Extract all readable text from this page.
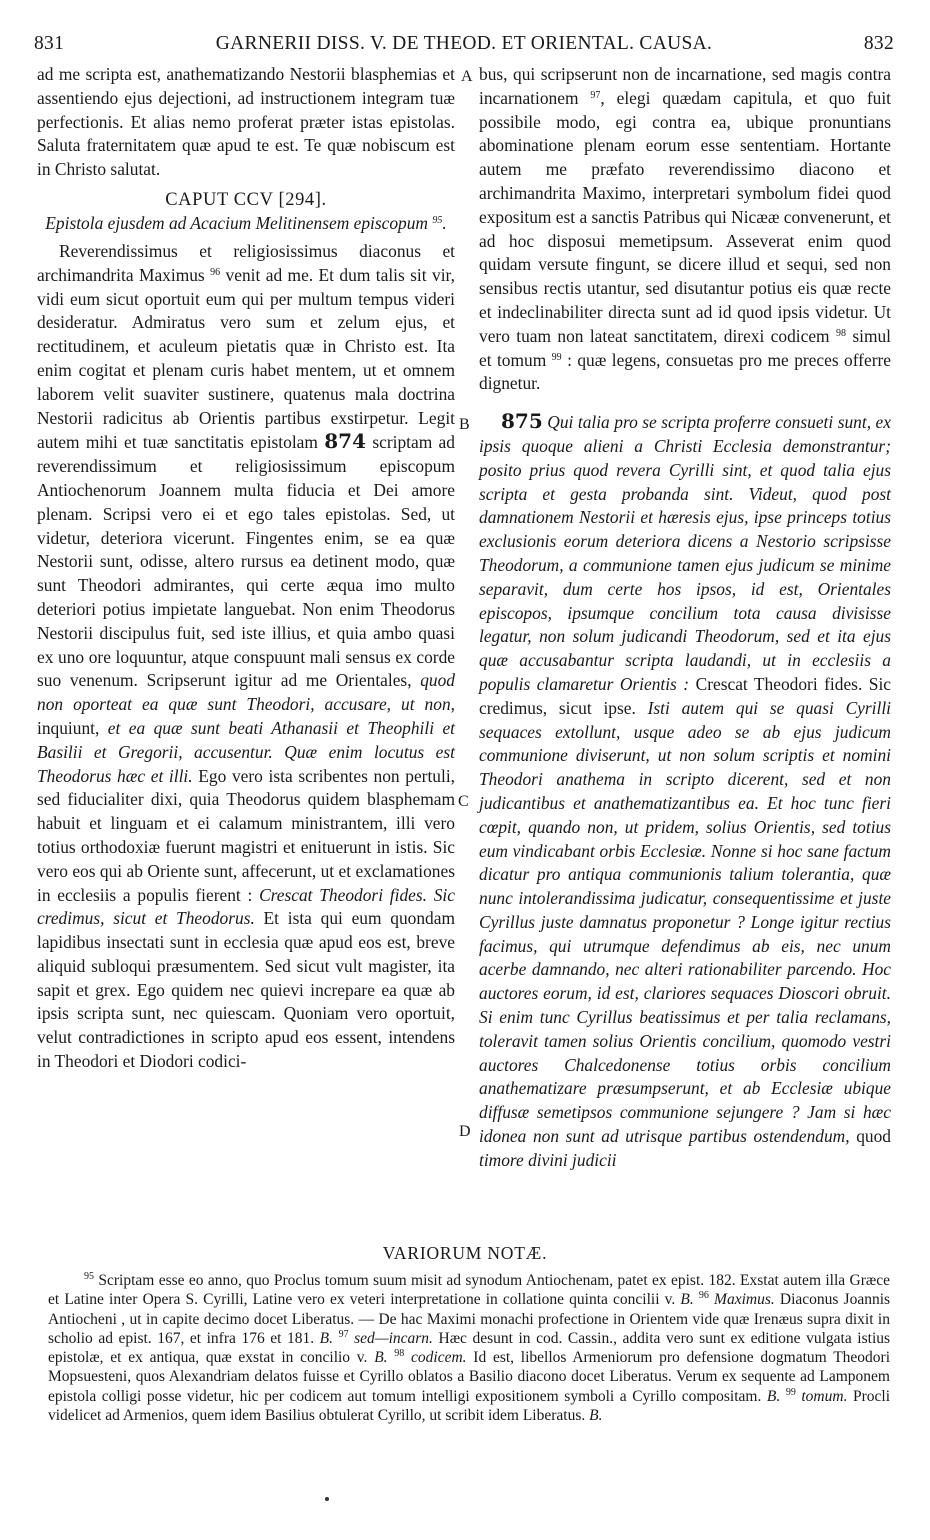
831	GARNERII DISS. V. DE THEOD. ET ORIENTAL. CAUSA.	832
A
B
C
D

ad me scripta est, anathematizando Nestorii blasphemias et assentiendo ejus dejectioni, ad instructionem integram tuæ perfectionis. Et alias nemo proferat præter istas epistolas. Saluta fraternitatem quæ apud te est. Te quæ nobiscum est in Christo salutat.

CAPUT CCV [294].
Epistola ejusdem ad Acacium Melitinensem episcopum $^{95}$.

Reverendissimus et religiosissimus diaconus et archimandrita Maximus $^{96}$ venit ad me. Et dum talis sit vir, vidi eum sicut oportuit eum qui per multum tempus videri desideratur. Admiratus vero sum et zelum ejus, et rectitudinem, et aculeum pietatis quæ in Christo est. Ita enim cogitat et plenam curis habet mentem, ut et omnem laborem velit suaviter sustinere, quatenus mala doctrina Nestorii radicitus ab Orientis partibus exstirpetur. Legit autem mihi et tuæ sanctitatis epistolam 874 scriptam ad reverendissimum et religiosissimum episcopum Antiochenorum Joannem multa fiducia et Dei amore plenam. Scripsi vero ei et ego tales epistolas. Sed, ut videtur, deteriora vicerunt. Fingentes enim, se ea quæ Nestorii sunt, odisse, altero rursus ea detinent modo, quæ sunt Theodori admirantes, qui certe æqua imo multo deteriori potius impietate languebat. Non enim Theodorus Nestorii discipulus fuit, sed iste illius, et quia ambo quasi ex uno ore loquuntur, atque conspuunt mali sensus ex corde suo venenum. Scripserunt igitur ad me Orientales, quod non oporteat ea quæ sunt Theodori, accusare, ut non, inquiunt, et ea quæ sunt beati Athanasii et Theophili et Basilii et Gregorii, accusentur. Quæ enim locutus est Theodorus hæc et illi. Ego vero ista scribentes non pertuli, sed fiducialiter dixi, quia Theodorus quidem blasphemam habuit et linguam et ei calamum ministrantem, illi vero totius orthodoxiæ fuerunt magistri et enituerunt in istis. Sic vero eos qui ab Oriente sunt, affecerunt, ut et exclamationes in ecclesiis a populis fierent : Crescat Theodori fides. Sic credimus, sicut et Theodorus. Et ista qui eum quondam lapidibus insectati sunt in ecclesia quæ apud eos est, breve aliquid subloqui præsumentem. Sed sicut vult magister, ita sapit et grex. Ego quidem nec quievi increpare ea quæ ab ipsis scripta sunt, nec quiescam. Quoniam vero oportuit, velut contradictiones in scripto apud eos essent, intendens in Theodori et Diodori codici-

bus, qui scripserunt non de incarnatione, sed magis contra incarnationem $^{97}$, elegi quædam capitula, et quo fuit possibile modo, egi contra ea, ubique pronuntians abominatione plenam eorum esse sententiam. Hortante autem me præfato reverendissimo diacono et archimandrita Maximo, interpretari symbolum fidei quod expositum est a sanctis Patribus qui Nicææ convenerunt, et ad hoc disposui memetipsum. Asseverat enim quod quidam versute fingunt, se dicere illud et sequi, sed non sensibus rectis utantur, sed disutantur potius eis quæ recte et indeclinabiliter directa sunt ad id quod ipsis videtur. Ut vero tuam non lateat sanctitatem, direxi codicem $^{98}$ simul et tomum $^{99}$ : quæ legens, consuetas pro me preces offerre dignetur.

875 Qui talia pro se scripta proferre consueti sunt, ex ipsis quoque alieni a Christi Ecclesia demonstrantur; posito prius quod revera Cyrilli sint, et quod talia ejus scripta et gesta probanda sint. Videut, quod post damnationem Nestorii et hæresis ejus, ipse princeps totius exclusionis eorum deteriora dicens a Nestorio scripsisse Theodorum, a communione tamen ejus judicum se minime separavit, dum certe hos ipsos, id est, Orientales episcopos, ipsumque concilium tota causa divisisse legatur, non solum judicandi Theodorum, sed et ita ejus quæ accusabantur scripta laudandi, ut in ecclesiis a populis clamaretur Orientis : Crescat Theodori fides. Sic credimus, sicut ipse. Isti autem qui se quasi Cyrilli sequaces extollunt, usque adeo se ab ejus judicum communione diviserunt, ut non solum scriptis et nomini Theodori anathema in scripto dicerent, sed et non judicantibus et anathematizantibus ea. Et hoc tunc fieri cœpit, quando non, ut pridem, solius Orientis, sed totius eum vindicabant orbis Ecclesiæ. Nonne si hoc sane factum dicatur pro antiqua communionis talium tolerantia, quæ nunc intolerandissima judicatur, consequentissime et juste Cyrillus juste damnatus proponetur ? Longe igitur rectius facimus, qui utrumque defendimus ab eis, nec unum acerbe damnando, nec alteri rationabiliter parcendo. Hoc auctores eorum, id est, clariores sequaces Dioscori obruit. Si enim tunc Cyrillus beatissimus et per talia reclamans, toleravit tamen solius Orientis concilium, quomodo vestri auctores Chalcedonense totius orbis concilium anathematizare præsumpserunt, et ab Ecclesiæ ubique diffusæ semetipsos communione sejungere ? Jam si hæc idonea non sunt ad utrisque partibus ostendendum, quod timore divini judicii

VARIORUM NOTÆ.

$^{95}$ Scriptam esse eo anno, quo Proclus tomum suum misit ad synodum Antiochenam, patet ex epist. 182. Exstat autem illa Græce et Latine inter Opera S. Cyrilli, Latine vero ex veteri interpretatione in collatione quinta concilii v. B. $^{96}$ Maximus. Diaconus Joannis Antiocheni , ut in capite decimo docet Liberatus. — De hac Maximi monachi profectione in Orientem vide quæ Irenæus supra dixit in scholio ad epist. 167, et infra 176 et 181. B. $^{97}$ sed—incarn. Hæc desunt in cod. Cassin., addita vero sunt ex editione vulgata istius epistolæ, et ex antiqua, quæ exstat in concilio v. B. $^{98}$ codicem. Id est, libellos Armeniorum pro defensione dogmatum Theodori Mopsuesteni, quos Alexandriam delatos fuisse et Cyrillo oblatos a Basilio diacono docet Liberatus. Verum ex sequente ad Lamponem epistola colligi posse videtur, hic per codicem aut tomum intelligi expositionem symboli a Cyrillo compositam. B. $^{99}$ tomum. Procli videlicet ad Armenios, quem idem Basilius obtulerat Cyrillo, ut scribit idem Liberatus. B.
